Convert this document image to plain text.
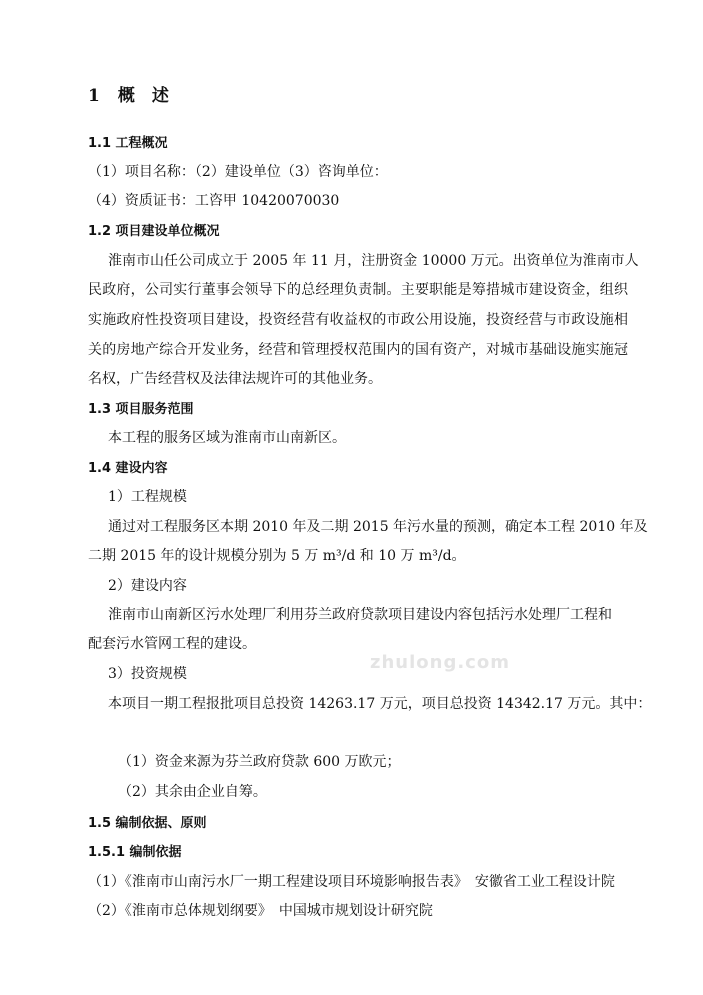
1 概　述
1.1 工程概况
（1）项目名称：（2）建设单位（3）咨询单位：
（4）资质证书：工咨甲 10420070030
1.2 项目建设单位概况
淮南市山任公司成立于 2005 年 11 月，注册资金 10000 万元。出资单位为淮南市人
民政府，公司实行董事会领导下的总经理负责制。主要职能是筹措城市建设资金，组织
实施政府性投资项目建设，投资经营有收益权的市政公用设施，投资经营与市政设施相
关的房地产综合开发业务，经营和管理授权范围内的国有资产，对城市基础设施实施冠
名权，广告经营权及法律法规许可的其他业务。
1.3 项目服务范围
本工程的服务区域为淮南市山南新区。
1.4 建设内容
1）工程规模
通过对工程服务区本期 2010 年及二期 2015 年污水量的预测，确定本工程 2010 年及
二期 2015 年的设计规模分别为 5 万 m³/d 和 10 万 m³/d。
2）建设内容
淮南市山南新区污水处理厂利用芬兰政府贷款项目建设内容包括污水处理厂工程和
配套污水管网工程的建设。
zhulong.com
3）投资规模
本项目一期工程报批项目总投资 14263.17 万元，项目总投资 14342.17 万元。其中：
（1）资金来源为芬兰政府贷款 600 万欧元；
（2）其余由企业自筹。
1.5 编制依据、原则
1.5.1 编制依据
（1）《淮南市山南污水厂一期工程建设项目环境影响报告表》　安徽省工业工程设计院
（2）《淮南市总体规划纲要》　中国城市规划设计研究院
